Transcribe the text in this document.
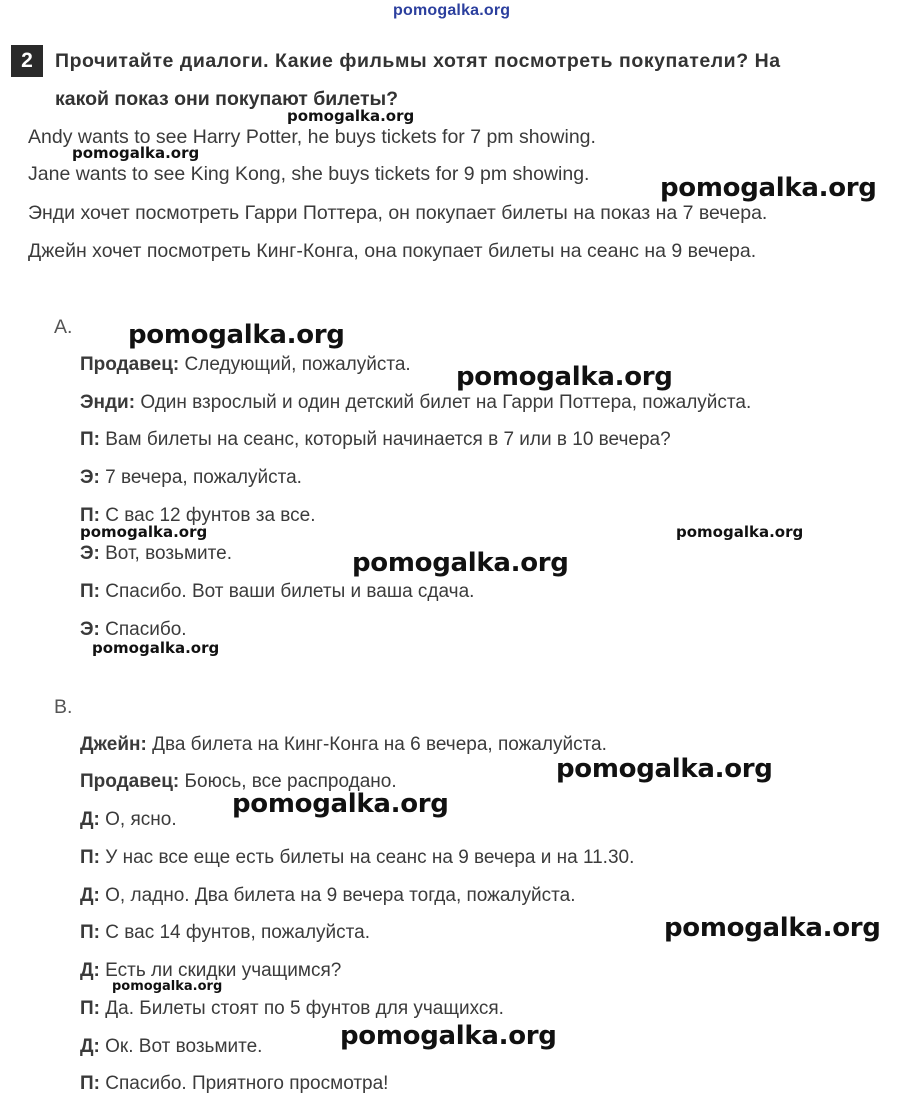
pomogalka.org
2	Прочитайте диалоги. Какие фильмы хотят посмотреть покупатели? На
какой показ они покупают билеты?
Andy wants to see Harry Potter, he buys tickets for 7 pm showing.
Jane wants to see King Kong, she buys tickets for 9 pm showing.
Энди хочет посмотреть Гарри Поттера, он покупает билеты на показ на 7 вечера.
Джейн хочет посмотреть Кинг-Конга, она покупает билеты на сеанс на 9 вечера.
A.
Продавец: Следующий, пожалуйста.
Энди: Один взрослый и один детский билет на Гарри Поттера, пожалуйста.
П: Вам билеты на сеанс, который начинается в 7 или в 10 вечера?
Э: 7 вечера, пожалуйста.
П: С вас 12 фунтов за все.
Э: Вот, возьмите.
П: Спасибо. Вот ваши билеты и ваша сдача.
Э: Спасибо.
B.
Джейн: Два билета на Кинг-Конга на 6 вечера, пожалуйста.
Продавец: Боюсь, все распродано.
Д: О, ясно.
П: У нас все еще есть билеты на сеанс на 9 вечера и на 11.30.
Д: О, ладно. Два билета на 9 вечера тогда, пожалуйста.
П: С вас 14 фунтов, пожалуйста.
Д: Есть ли скидки учащимся?
П: Да. Билеты стоят по 5 фунтов для учащихся.
Д: Ок. Вот возьмите.
П: Спасибо. Приятного просмотра!
pomogalka.org
pomogalka.org
pomogalka.org
pomogalka.org
pomogalka.org
pomogalka.org	pomogalka.org
pomogalka.org
pomogalka.org
pomogalka.org
pomogalka.org
pomogalka.org
pomogalka.org
pomogalka.org
